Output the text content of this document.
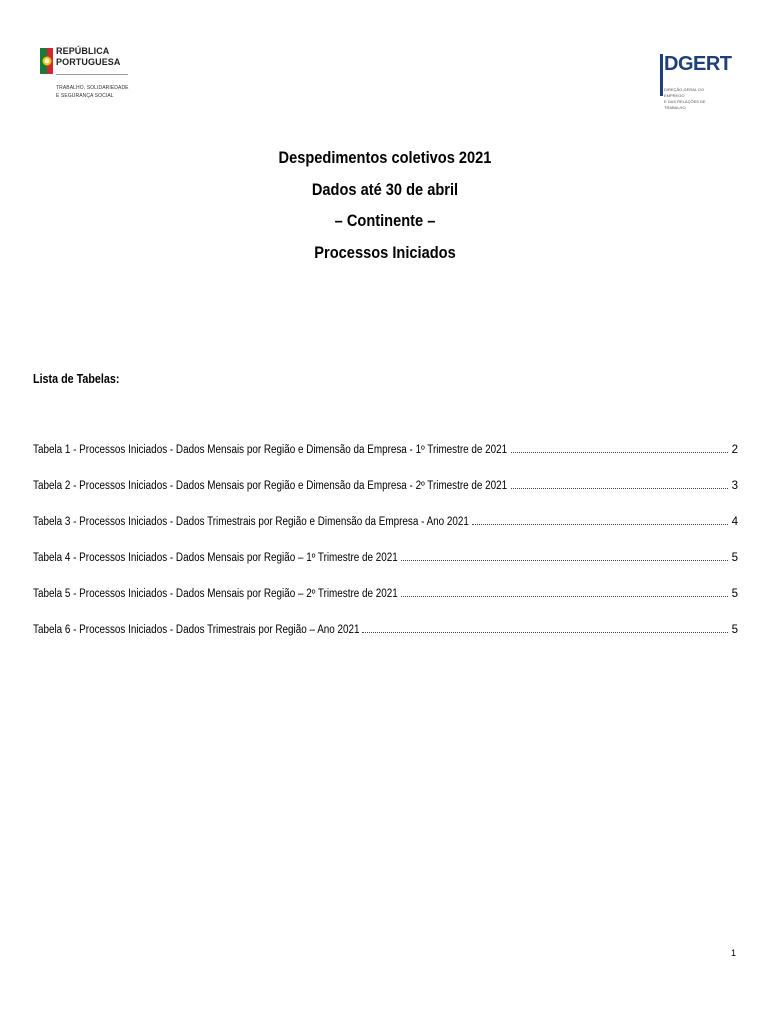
REPÚBLICA
PORTUGUESA
TRABALHO, SOLIDARIEDADE
E SEGURANÇA SOCIAL
DGERT
DIREÇÃO-GERAL DO EMPREGO
E DAS RELAÇÕES DE TRABALHO
Despedimentos coletivos 2021
Dados até 30 de abril
– Continente –
Processos Iniciados
Lista de Tabelas:
Tabela 1 - Processos Iniciados - Dados Mensais por Região e Dimensão da Empresa - 1º Trimestre de 2021	2
Tabela 2 - Processos Iniciados - Dados Mensais por Região e Dimensão da Empresa - 2º Trimestre de 2021	3
Tabela 3 - Processos Iniciados - Dados Trimestrais por Região e Dimensão da Empresa - Ano 2021	4
Tabela 4 - Processos Iniciados - Dados Mensais por Região – 1º Trimestre de 2021	5
Tabela 5 - Processos Iniciados - Dados Mensais por Região – 2º Trimestre de 2021	5
Tabela 6 - Processos Iniciados - Dados Trimestrais por Região – Ano 2021	5
1
